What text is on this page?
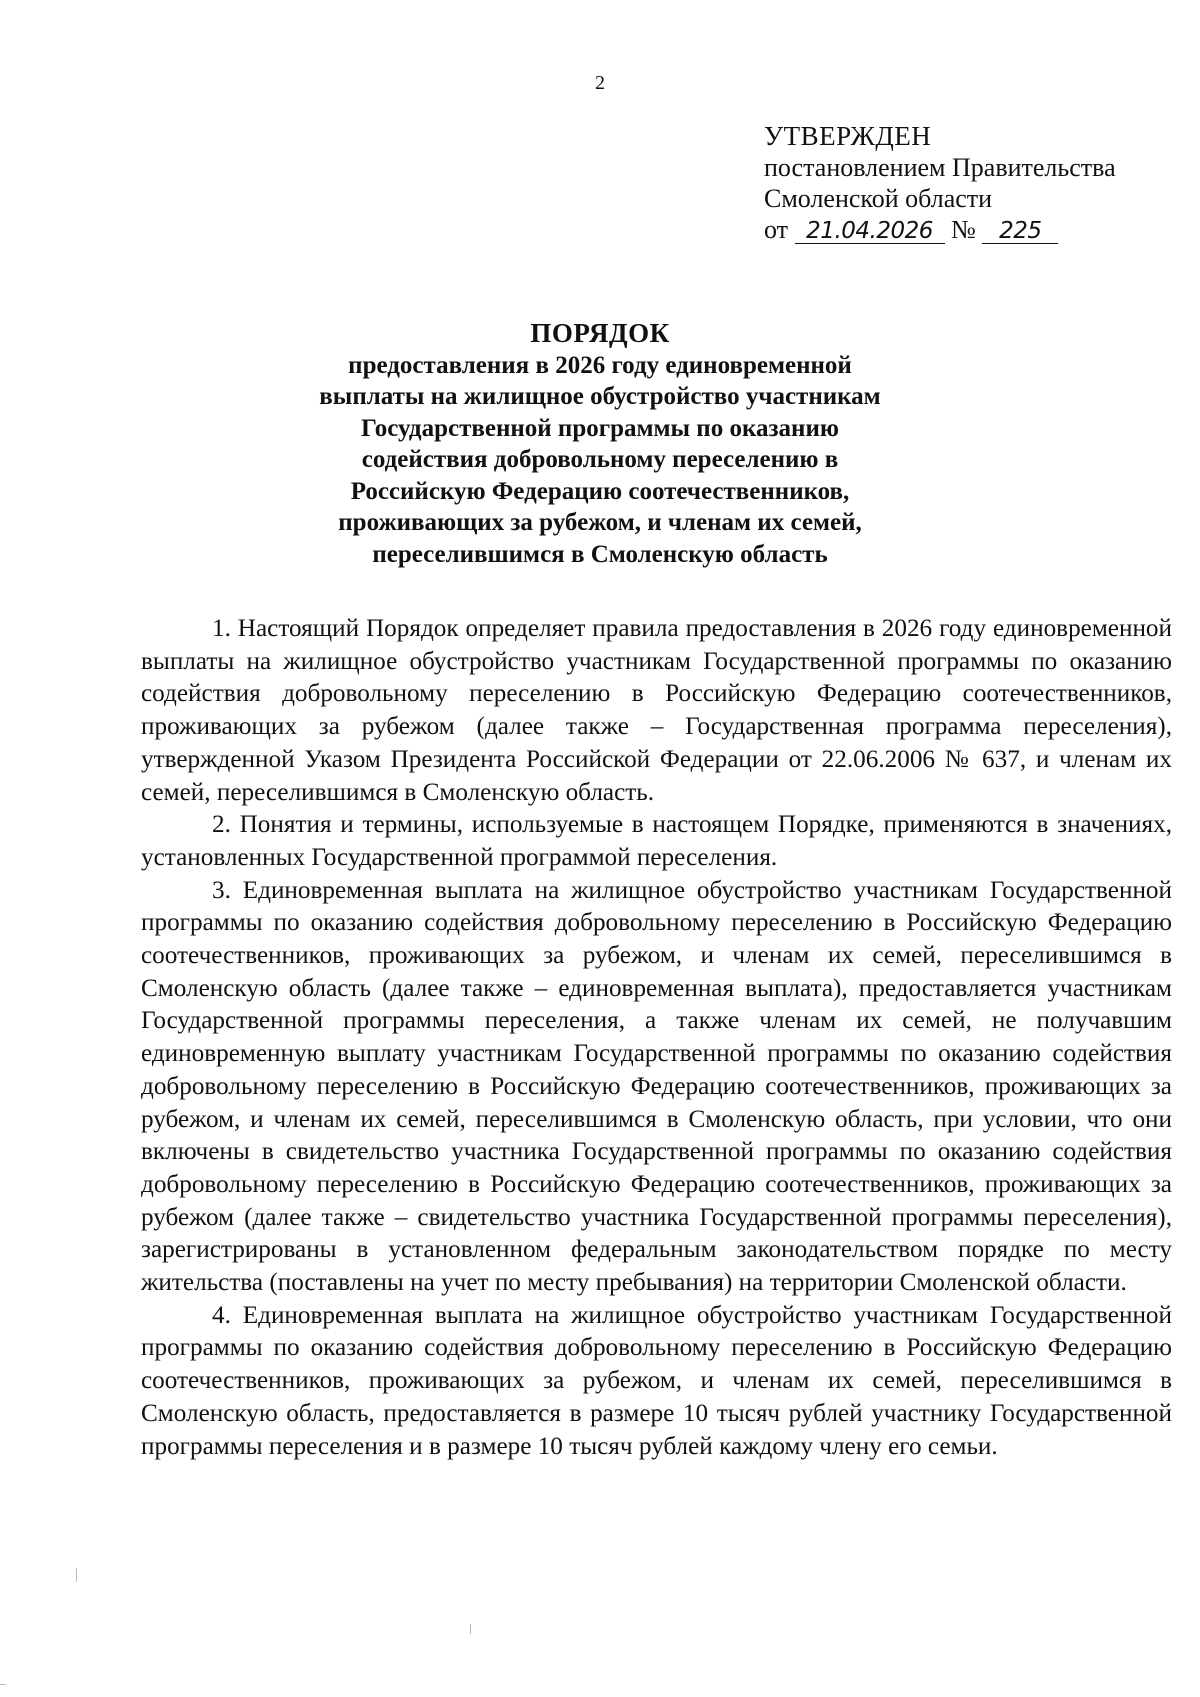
2
УТВЕРЖДЕН
постановлением Правительства
Смоленской области
от 21.04.2026 № 225
ПОРЯДОК
предоставления в 2026 году единовременной
выплаты на жилищное обустройство участникам
Государственной программы по оказанию
содействия добровольному переселению в
Российскую Федерацию соотечественников,
проживающих за рубежом, и членам их семей,
переселившимся в Смоленскую область

1. Настоящий Порядок определяет правила предоставления в 2026 году единовременной выплаты на жилищное обустройство участникам Государственной программы по оказанию содействия добровольному переселению в Российскую Федерацию соотечественников, проживающих за рубежом (далее также – Государственная программа переселения), утвержденной Указом Президента Российской Федерации от 22.06.2006 № 637, и членам их семей, переселившимся в Смоленскую область.

2. Понятия и термины, используемые в настоящем Порядке, применяются в значениях, установленных Государственной программой переселения.

3. Единовременная выплата на жилищное обустройство участникам Государственной программы по оказанию содействия добровольному переселению в Российскую Федерацию соотечественников, проживающих за рубежом, и членам их семей, переселившимся в Смоленскую область (далее также – единовременная выплата), предоставляется участникам Государственной программы переселения, а также членам их семей, не получавшим единовременную выплату участникам Государственной программы по оказанию содействия добровольному переселению в Российскую Федерацию соотечественников, проживающих за рубежом, и членам их семей, переселившимся в Смоленскую область, при условии, что они включены в свидетельство участника Государственной программы по оказанию содействия добровольному переселению в Российскую Федерацию соотечественников, проживающих за рубежом (далее также – свидетельство участника Государственной программы переселения), зарегистрированы в установленном федеральным законодательством порядке по месту жительства (поставлены на учет по месту пребывания) на территории Смоленской области.

4. Единовременная выплата на жилищное обустройство участникам Государственной программы по оказанию содействия добровольному переселению в Российскую Федерацию соотечественников, проживающих за рубежом, и членам их семей, переселившимся в Смоленскую область, предоставляется в размере 10 тысяч рублей участнику Государственной программы переселения и в размере 10 тысяч рублей каждому члену его семьи.
